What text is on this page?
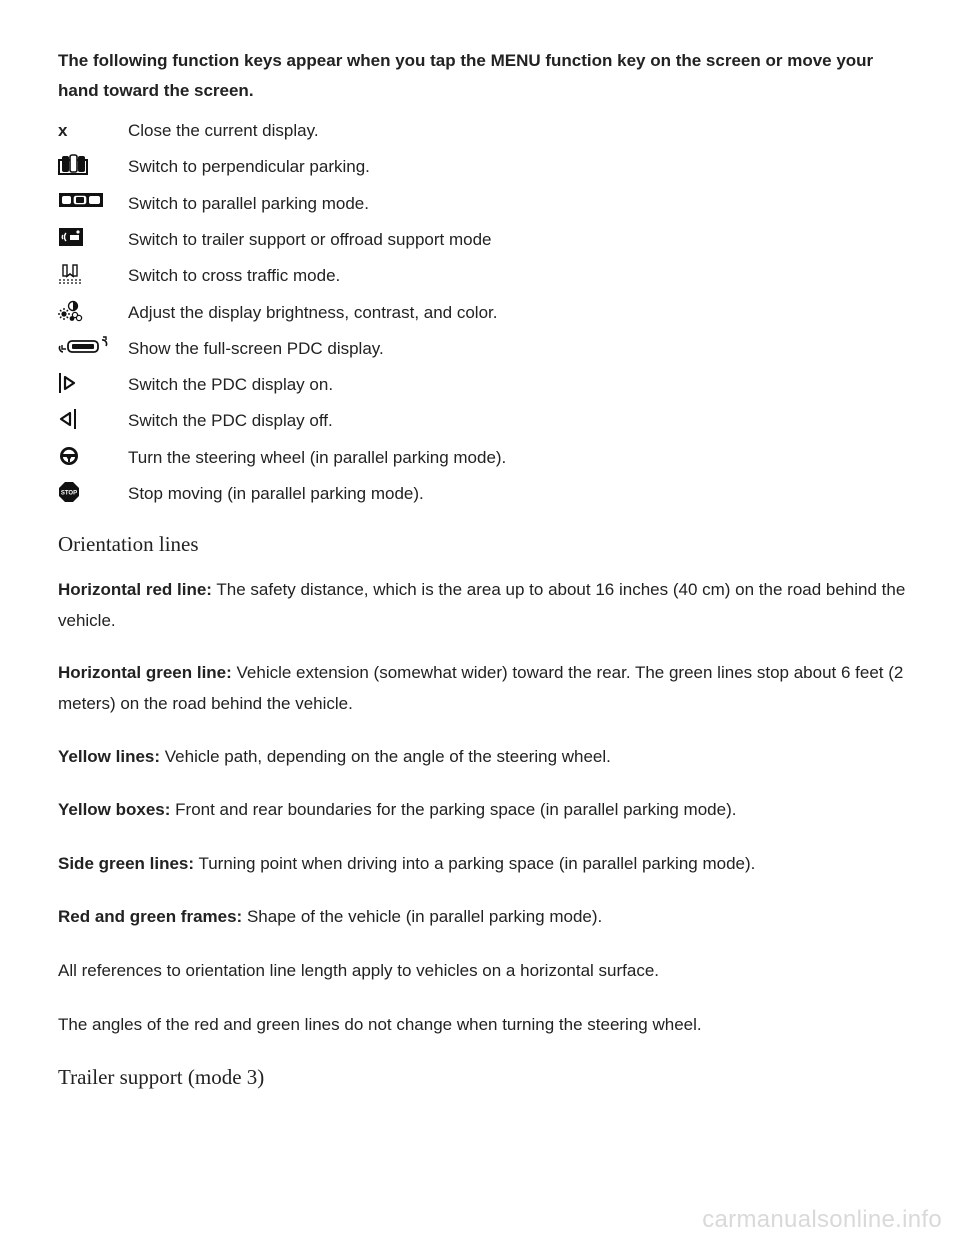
The following function keys appear when you tap the MENU function key on the screen or move your hand toward the screen.
x	Close the current display.
Switch to perpendicular parking.
Switch to parallel parking mode.
Switch to trailer support or offroad support mode
Switch to cross traffic mode.
Adjust the display brightness, contrast, and color.
Show the full-screen PDC display.
Switch the PDC display on.
Switch the PDC display off.
Turn the steering wheel (in parallel parking mode).
STOP	Stop moving (in parallel parking mode).
Orientation lines
Horizontal red line: The safety distance, which is the area up to about 16 inches (40 cm) on the road behind the vehicle.
Horizontal green line: Vehicle extension (somewhat wider) toward the rear. The green lines stop about 6 feet (2 meters) on the road behind the vehicle.
Yellow lines: Vehicle path, depending on the angle of the steering wheel.
Yellow boxes: Front and rear boundaries for the parking space (in parallel parking mode).
Side green lines: Turning point when driving into a parking space (in parallel parking mode).
Red and green frames: Shape of the vehicle (in parallel parking mode).
All references to orientation line length apply to vehicles on a horizontal surface.
The angles of the red and green lines do not change when turning the steering wheel.
Trailer support (mode 3)
carmanualsonline.info
